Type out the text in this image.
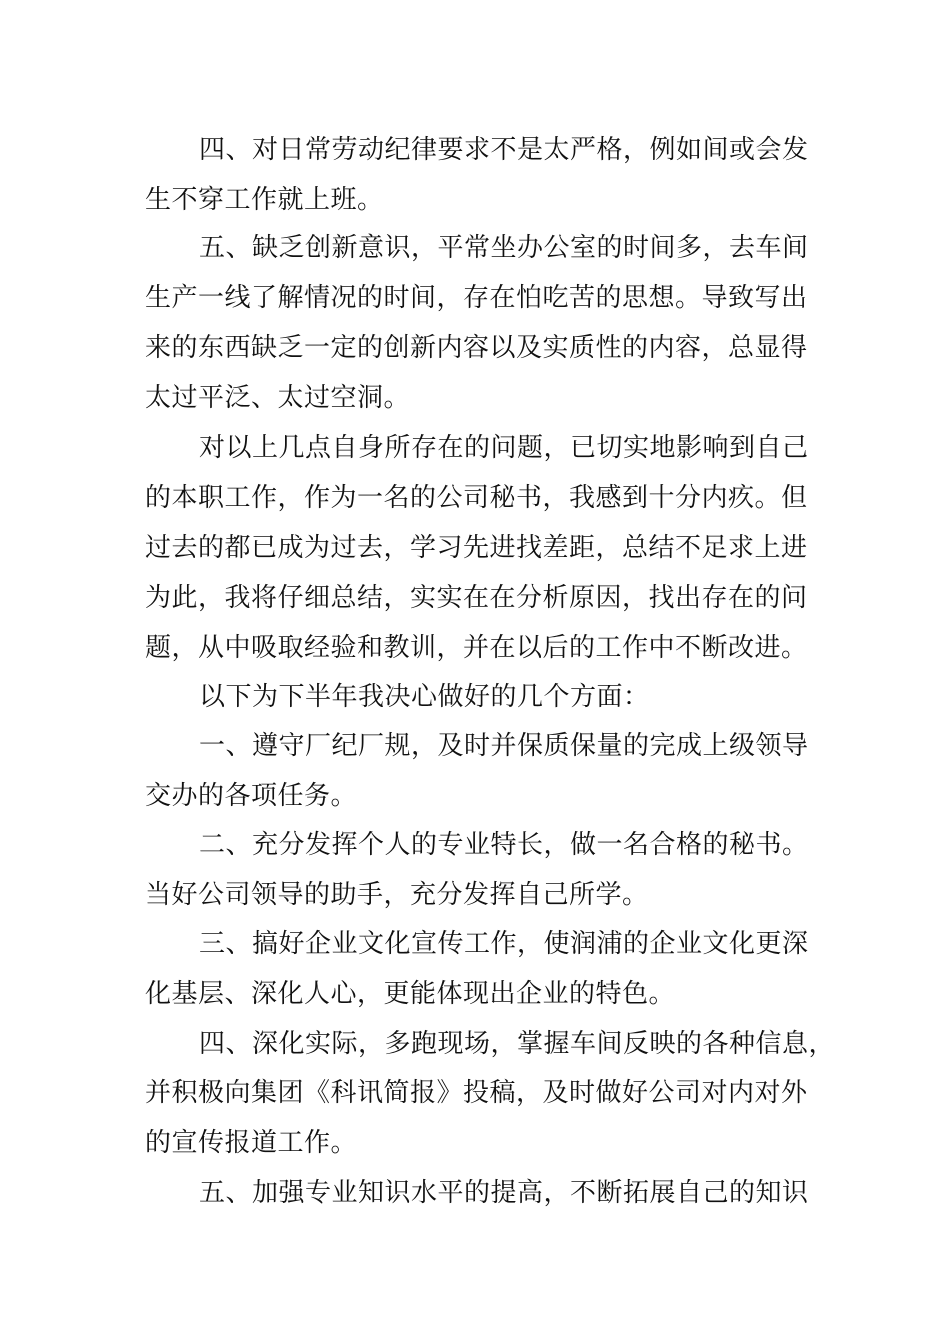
四、对日常劳动纪律要求不是太严格，例如间或会发
生不穿工作就上班。
五、缺乏创新意识，平常坐办公室的时间多，去车间
生产一线了解情况的时间，存在怕吃苦的思想。导致写出
来的东西缺乏一定的创新内容以及实质性的内容，总显得
太过平泛、太过空洞。
对以上几点自身所存在的问题，已切实地影响到自己
的本职工作，作为一名的公司秘书，我感到十分内疚。但
过去的都已成为过去，学习先进找差距，总结不足求上进
为此，我将仔细总结，实实在在分析原因，找出存在的问
题，从中吸取经验和教训，并在以后的工作中不断改进。
以下为下半年我决心做好的几个方面：
一、遵守厂纪厂规，及时并保质保量的完成上级领导
交办的各项任务。
二、充分发挥个人的专业特长，做一名合格的秘书。
当好公司领导的助手，充分发挥自己所学。
三、搞好企业文化宣传工作，使润浦的企业文化更深
化基层、深化人心，更能体现出企业的特色。
四、深化实际，多跑现场，掌握车间反映的各种信息，
并积极向集团《科讯简报》投稿，及时做好公司对内对外
的宣传报道工作。
五、加强专业知识水平的提高，不断拓展自己的知识
